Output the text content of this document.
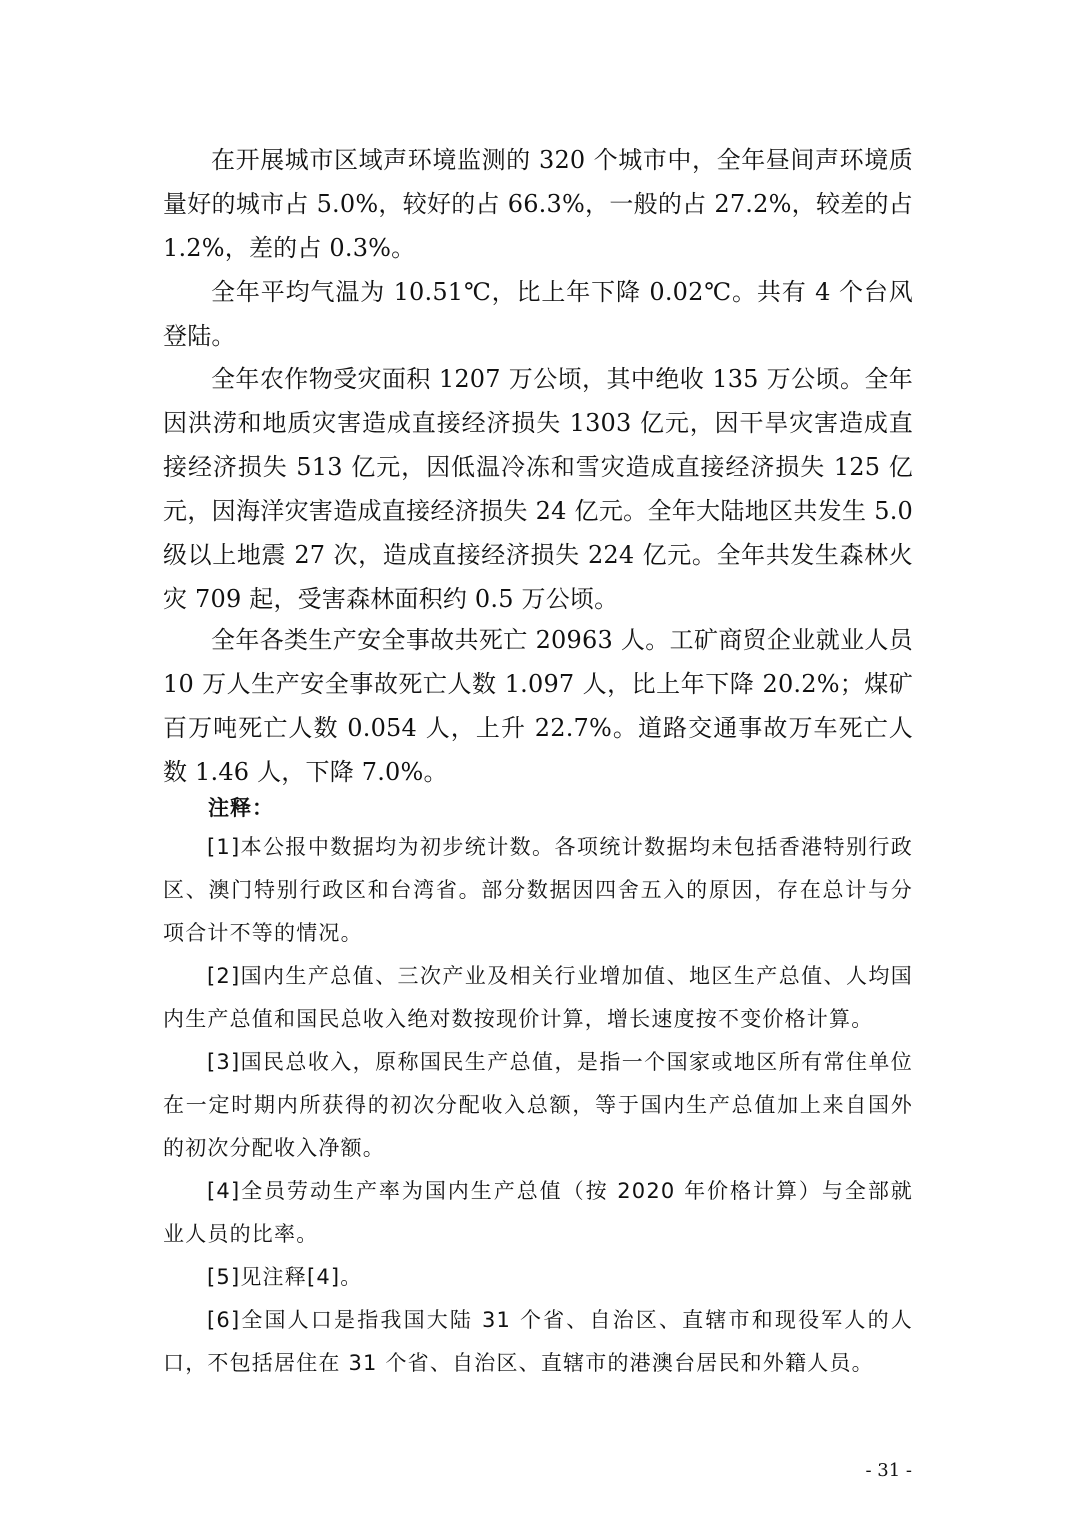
在开展城市区域声环境监测的 320 个城市中，全年昼间声环境质量好的城市占 5.0%，较好的占 66.3%，一般的占 27.2%，较差的占 1.2%，差的占 0.3%。

全年平均气温为 10.51℃，比上年下降 0.02℃。共有 4 个台风登陆。

全年农作物受灾面积 1207 万公顷，其中绝收 135 万公顷。全年因洪涝和地质灾害造成直接经济损失 1303 亿元，因干旱灾害造成直接经济损失 513 亿元，因低温冷冻和雪灾造成直接经济损失 125 亿元，因海洋灾害造成直接经济损失 24 亿元。全年大陆地区共发生 5.0 级以上地震 27 次，造成直接经济损失 224 亿元。全年共发生森林火灾 709 起，受害森林面积约 0.5 万公顷。

全年各类生产安全事故共死亡 20963 人。工矿商贸企业就业人员 10 万人生产安全事故死亡人数 1.097 人，比上年下降 20.2%；煤矿百万吨死亡人数 0.054 人，上升 22.7%。道路交通事故万车死亡人数 1.46 人，下降 7.0%。

注释：

[1]本公报中数据均为初步统计数。各项统计数据均未包括香港特别行政区、澳门特别行政区和台湾省。部分数据因四舍五入的原因，存在总计与分项合计不等的情况。

[2]国内生产总值、三次产业及相关行业增加值、地区生产总值、人均国内生产总值和国民总收入绝对数按现价计算，增长速度按不变价格计算。

[3]国民总收入，原称国民生产总值，是指一个国家或地区所有常住单位在一定时期内所获得的初次分配收入总额，等于国内生产总值加上来自国外的初次分配收入净额。

[4]全员劳动生产率为国内生产总值（按 2020 年价格计算）与全部就业人员的比率。

[5]见注释[4]。

[6]全国人口是指我国大陆 31 个省、自治区、直辖市和现役军人的人口，不包括居住在 31 个省、自治区、直辖市的港澳台居民和外籍人员。

- 31 -
